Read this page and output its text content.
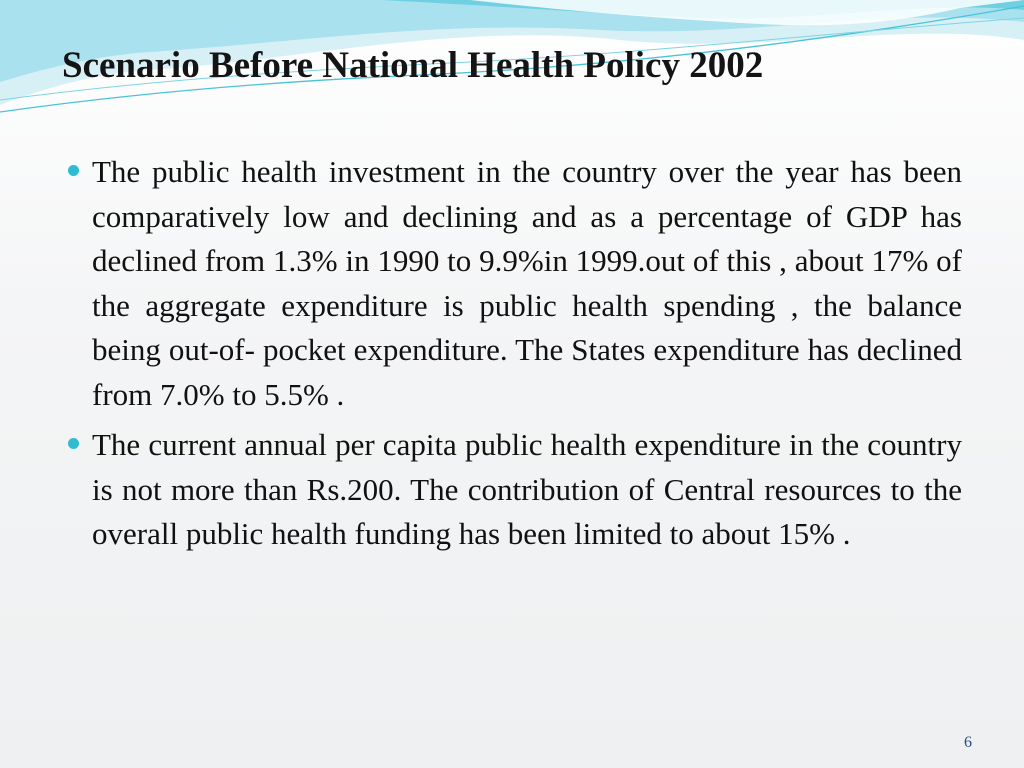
Scenario Before National Health Policy 2002
The public health investment in the country over the year has been comparatively low and declining and as a percentage of GDP has declined from 1.3% in 1990 to 9.9%in 1999.out of this , about 17% of the aggregate expenditure is public health spending , the balance being out-of- pocket expenditure. The States expenditure has declined from 7.0% to 5.5% .
The current annual per capita public health expenditure in the country is not more than Rs.200. The contribution of Central resources to the overall public health funding has been limited to about 15% .
6
